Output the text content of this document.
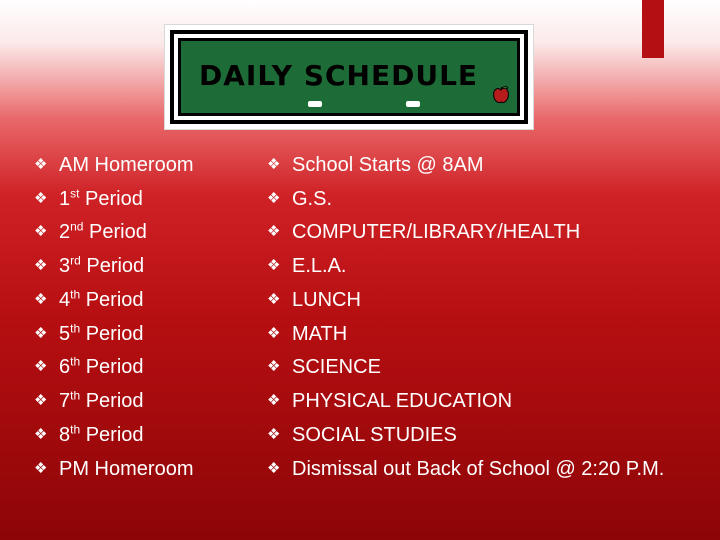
DAILY SCHEDULE
❖ AM Homeroom	❖ School Starts @ 8AM
❖ 1st Period	❖ G.S.
❖ 2nd Period	❖ COMPUTER/LIBRARY/HEALTH
❖ 3rd Period	❖ E.L.A.
❖ 4th Period	❖ LUNCH
❖ 5th Period	❖ MATH
❖ 6th Period	❖ SCIENCE
❖ 7th Period	❖ PHYSICAL EDUCATION
❖ 8th Period	❖ SOCIAL STUDIES
❖ PM Homeroom	❖ Dismissal out Back of School @ 2:20 P.M.
